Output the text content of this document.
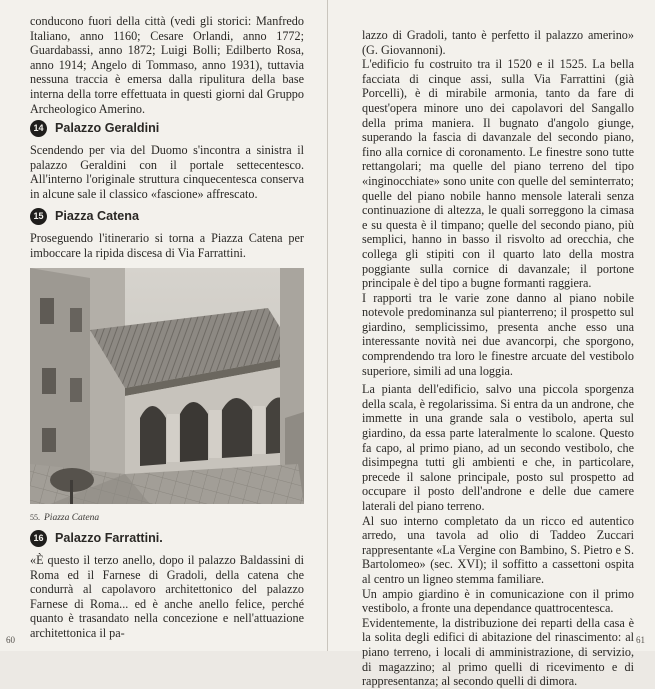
conducono fuori della città (vedi gli storici: Manfredo Italiano, anno 1160; Cesare Orlandi, anno 1772; Guardabassi, anno 1872; Luigi Bolli; Edilberto Rosa, anno 1914; Angelo di Tommaso, anno 1931), tuttavia nessuna traccia è emersa dalla ripulitura della base interna della torre effettuata in questi giorni dal Gruppo Archeologico Amerino.

14 Palazzo Geraldini

Scendendo per via del Duomo s'incontra a sinistra il palazzo Geraldini con il portale settecentesco. All'interno l'originale struttura cinquecentesca conserva in alcune sale il classico «fascione» affrescato.

15 Piazza Catena

Proseguendo l'itinerario si torna a Piazza Catena per imboccare la ripida discesa di Via Farrattini.

55. Piazza Catena

16 Palazzo Farrattini.

«È questo il terzo anello, dopo il palazzo Baldassini di Roma ed il Farnese di Gradoli, della catena che condurrà al capolavoro architettonico del palazzo Farnese di Roma... ed è anche anello felice, perché quanto è trasandato nella concezione e nell'attuazione architettonica il pa-

60

lazzo di Gradoli, tanto è perfetto il palazzo amerino» (G. Giovannoni).

L'edificio fu costruito tra il 1520 e il 1525. La bella facciata di cinque assi, sulla Via Farrattini (già Porcelli), è di mirabile armonia, tanto da fare di quest'opera minore uno dei capolavori del Sangallo della prima maniera. Il bugnato d'angolo giunge, superando la fascia di davanzale del secondo piano, fino alla cornice di coronamento. Le finestre sono tutte rettangolari; ma quelle del piano terreno del tipo «inginocchiate» sono unite con quelle del seminterrato; quelle del piano nobile hanno mensole laterali senza continuazione di altezza, le quali sorreggono la cimasa e su questa è il timpano; quelle del secondo piano, più semplici, hanno in basso il risvolto ad orecchia, che collega gli stipiti con il quarto lato della mostra poggiante sulla cornice di davanzale; il portone principale è del tipo a bugne formanti raggiera.

I rapporti tra le varie zone danno al piano nobile notevole predominanza sul pianterreno; il prospetto sul giardino, semplicissimo, presenta anche esso una interessante novità nei due avancorpi, che sporgono, comprendendo tra loro le finestre arcuate del vestibolo superiore, simili ad una loggia.

La pianta dell'edificio, salvo una piccola sporgenza della scala, è regolarissima. Si entra da un androne, che immette in una grande sala o vestibolo, aperta sul giardino, da essa parte lateralmente lo scalone. Questo fa capo, al primo piano, ad un secondo vestibolo, che disimpegna tutti gli ambienti e che, in particolare, precede il salone principale, posto sul prospetto ad occupare il posto dell'androne e delle due camere laterali del piano terreno.

Al suo interno completato da un ricco ed autentico arredo, una tavola ad olio di Taddeo Zuccari rappresentante «La Vergine con Bambino, S. Pietro e S. Bartolomeo» (sec. XVI); il soffitto a cassettoni ospita al centro un ligneo stemma familiare.

Un ampio giardino è in comunicazione con il primo vestibolo, a fronte una dependance quattrocentesca.

Evidentemente, la distribuzione dei reparti della casa è la solita degli edifici di abitazione del rinascimento: al piano terreno, i locali di amministrazione, di servizio, di magazzino; al primo quelli di ricevimento e di rappresentanza; al secondo quelli di dimora.

61
